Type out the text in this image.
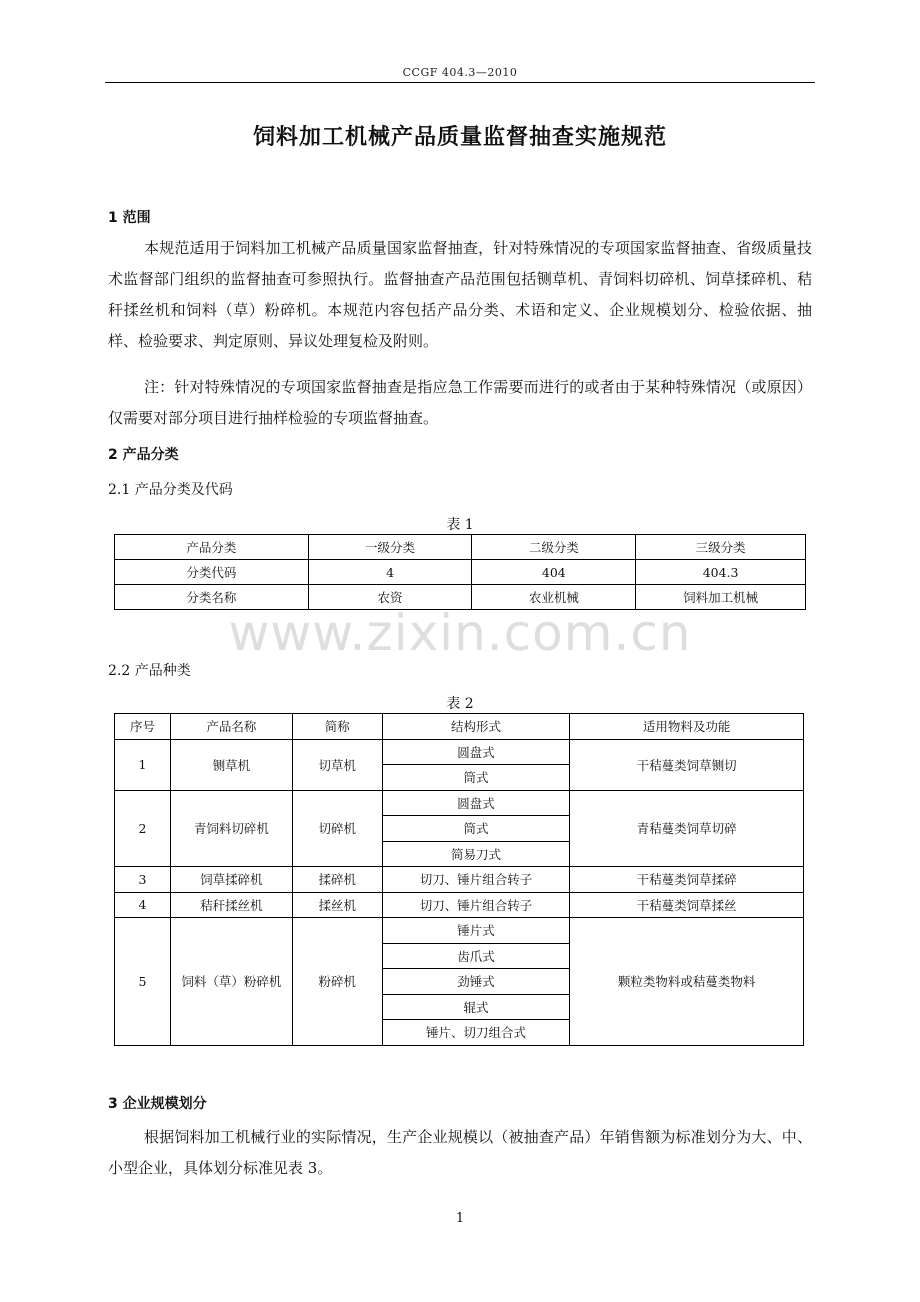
CCGF 404.3—2010
饲料加工机械产品质量监督抽查实施规范
1 范围
本规范适用于饲料加工机械产品质量国家监督抽查，针对特殊情况的专项国家监督抽查、省级质量技术监督部门组织的监督抽查可参照执行。监督抽查产品范围包括铡草机、青饲料切碎机、饲草揉碎机、秸秆揉丝机和饲料（草）粉碎机。本规范内容包括产品分类、术语和定义、企业规模划分、检验依据、抽样、检验要求、判定原则、异议处理复检及附则。
注：针对特殊情况的专项国家监督抽查是指应急工作需要而进行的或者由于某种特殊情况（或原因）仅需要对部分项目进行抽样检验的专项监督抽查。
2 产品分类
2.1 产品分类及代码
表 1
产品分类	一级分类	二级分类	三级分类
分类代码	4	404	404.3
分类名称	农资	农业机械	饲料加工机械
www.zixin.com.cn
2.2 产品种类
表 2
序号	产品名称	简称	结构形式	适用物料及功能
1	铡草机	切草机	圆盘式	干秸蔓类饲草铡切
			筒式	
2	青饲料切碎机	切碎机	圆盘式	青秸蔓类饲草切碎
			筒式	
			简易刀式	
3	饲草揉碎机	揉碎机	切刀、锤片组合转子	干秸蔓类饲草揉碎
4	秸秆揉丝机	揉丝机	切刀、锤片组合转子	干秸蔓类饲草揉丝
5	饲料（草）粉碎机	粉碎机	锤片式	颗粒类物料或秸蔓类物料
			齿爪式	
			劲锤式	
			辊式	
			锤片、切刀组合式	
3 企业规模划分
根据饲料加工机械行业的实际情况，生产企业规模以（被抽查产品）年销售额为标准划分为大、中、小型企业，具体划分标准见表 3。
1
